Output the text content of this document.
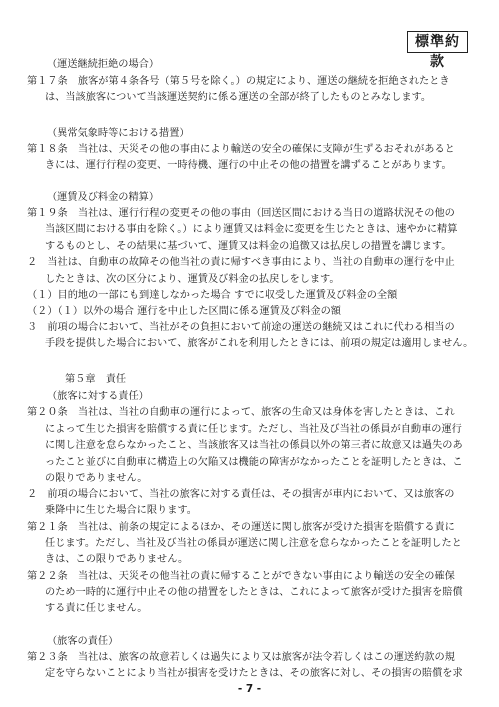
標準約款
（運送継続拒絶の場合）
第１７条　旅客が第４条各号（第５号を除く。）の規定により、運送の継続を拒絶されたとき
は、当該旅客について当該運送契約に係る運送の全部が終了したものとみなします。
（異常気象時等における措置）
第１８条　当社は、天災その他の事由により輸送の安全の確保に支障が生ずるおそれがあると
きには、運行行程の変更、一時待機、運行の中止その他の措置を講ずることがあります。
（運賃及び料金の精算）
第１９条　当社は、運行行程の変更その他の事由（回送区間における当日の道路状況その他の
当該区間における事由を除く。）により運賃又は料金に変更を生じたときは、速やかに精算
するものとし、その結果に基づいて、運賃又は料金の追徴又は払戻しの措置を講じます。
２　当社は、自動車の故障その他当社の責に帰すべき事由により、当社の自動車の運行を中止
したときは、次の区分により、運賃及び料金の払戻しをします。
（１）目的地の一部にも到達しなかった場合 すでに収受した運賃及び料金の全額
（２）（１）以外の場合 運行を中止した区間に係る運賃及び料金の額
３　前項の場合において、当社がその負担において前途の運送の継続又はこれに代わる相当の
手段を提供した場合において、旅客がこれを利用したときには、前項の規定は適用しません。
第５章　責任
（旅客に対する責任）
第２０条　当社は、当社の自動車の運行によって、旅客の生命又は身体を害したときは、これ
によって生じた損害を賠償する責に任じます。ただし、当社及び当社の係員が自動車の運行
に関し注意を怠らなかったこと、当該旅客又は当社の係員以外の第三者に故意又は過失のあ
ったこと並びに自動車に構造上の欠陥又は機能の障害がなかったことを証明したときは、こ
の限りでありません。
２　前項の場合において、当社の旅客に対する責任は、その損害が車内において、又は旅客の
乗降中に生じた場合に限ります。
第２１条　当社は、前条の規定によるほか、その運送に関し旅客が受けた損害を賠償する責に
任じます。ただし、当社及び当社の係員が運送に関し注意を怠らなかったことを証明したと
きは、この限りでありません。
第２２条　当社は、天災その他当社の責に帰することができない事由により輸送の安全の確保
のため一時的に運行中止その他の措置をしたときは、これによって旅客が受けた損害を賠償
する責に任じません。
（旅客の責任）
第２３条　当社は、旅客の故意若しくは過失により又は旅客が法令若しくはこの運送約款の規
定を守らないことにより当社が損害を受けたときは、その旅客に対し、その損害の賠償を求
- 7 -
